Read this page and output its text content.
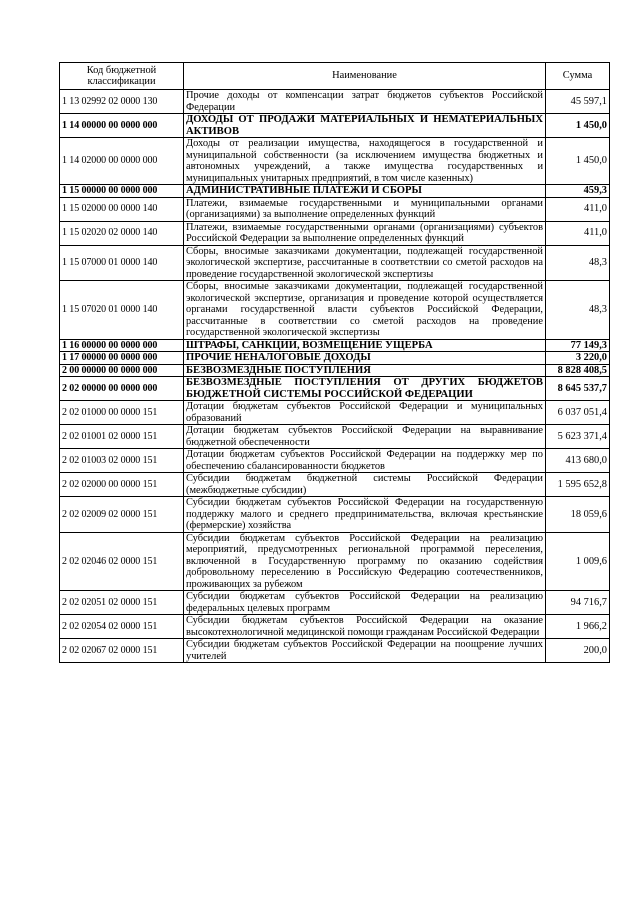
Код бюджетной классификации	Наименование	Сумма
1 13 02992 02 0000 130	Прочие доходы от компенсации затрат бюджетов субъектов Российской Федерации	45 597,1
1 14 00000 00 0000 000	ДОХОДЫ ОТ ПРОДАЖИ МАТЕРИАЛЬНЫХ И НЕМАТЕРИАЛЬНЫХ АКТИВОВ	1 450,0
1 14 02000 00 0000 000	Доходы от реализации имущества, находящегося в государственной и муниципальной собственности (за исключением имущества бюджетных и автономных учреждений, а также имущества государственных и муниципальных унитарных предприятий, в том числе казенных)	1 450,0
1 15 00000 00 0000 000	АДМИНИСТРАТИВНЫЕ ПЛАТЕЖИ И СБОРЫ	459,3
1 15 02000 00 0000 140	Платежи, взимаемые государственными и муниципальными органами (организациями) за выполнение определенных функций	411,0
1 15 02020 02 0000 140	Платежи, взимаемые государственными органами (организациями) субъектов Российской Федерации за выполнение определенных функций	411,0
1 15 07000 01 0000 140	Сборы, вносимые заказчиками документации, подлежащей государственной экологической экспертизе, рассчитанные в соответствии со сметой расходов на проведение государственной экологической экспертизы	48,3
1 15 07020 01 0000 140	Сборы, вносимые заказчиками документации, подлежащей государственной экологической экспертизе, организация и проведение которой осуществляется органами государственной власти субъектов Российской Федерации, рассчитанные в соответствии со сметой расходов на проведение государственной экологической экспертизы	48,3
1 16 00000 00 0000 000	ШТРАФЫ, САНКЦИИ, ВОЗМЕЩЕНИЕ УЩЕРБА	77 149,3
1 17 00000 00 0000 000	ПРОЧИЕ НЕНАЛОГОВЫЕ ДОХОДЫ	3 220,0
2 00 00000 00 0000 000	БЕЗВОЗМЕЗДНЫЕ ПОСТУПЛЕНИЯ	8 828 408,5
2 02 00000 00 0000 000	БЕЗВОЗМЕЗДНЫЕ ПОСТУПЛЕНИЯ ОТ ДРУГИХ БЮДЖЕТОВ БЮДЖЕТНОЙ СИСТЕМЫ РОССИЙСКОЙ ФЕДЕРАЦИИ	8 645 537,7
2 02 01000 00 0000 151	Дотации бюджетам субъектов Российской Федерации и муниципальных образований	6 037 051,4
2 02 01001 02 0000 151	Дотации бюджетам субъектов Российской Федерации на выравнивание бюджетной обеспеченности	5 623 371,4
2 02 01003 02 0000 151	Дотации бюджетам субъектов Российской Федерации на поддержку мер по обеспечению сбалансированности бюджетов	413 680,0
2 02 02000 00 0000 151	Субсидии бюджетам бюджетной системы Российской Федерации (межбюджетные субсидии)	1 595 652,8
2 02 02009 02 0000 151	Субсидии бюджетам субъектов Российской Федерации на государственную поддержку малого и среднего предпринимательства, включая крестьянские (фермерские) хозяйства	18 059,6
2 02 02046 02 0000 151	Субсидии бюджетам субъектов Российской Федерации на реализацию мероприятий, предусмотренных региональной программой переселения, включенной в Государственную программу по оказанию содействия добровольному переселению в Российскую Федерацию соотечественников, проживающих за рубежом	1 009,6
2 02 02051 02 0000 151	Субсидии бюджетам субъектов Российской Федерации на реализацию федеральных целевых программ	94 716,7
2 02 02054 02 0000 151	Субсидии бюджетам субъектов Российской Федерации на оказание высокотехнологичной медицинской помощи гражданам Российской Федерации	1 966,2
2 02 02067 02 0000 151	Субсидии бюджетам субъектов Российской Федерации на поощрение лучших учителей	200,0
